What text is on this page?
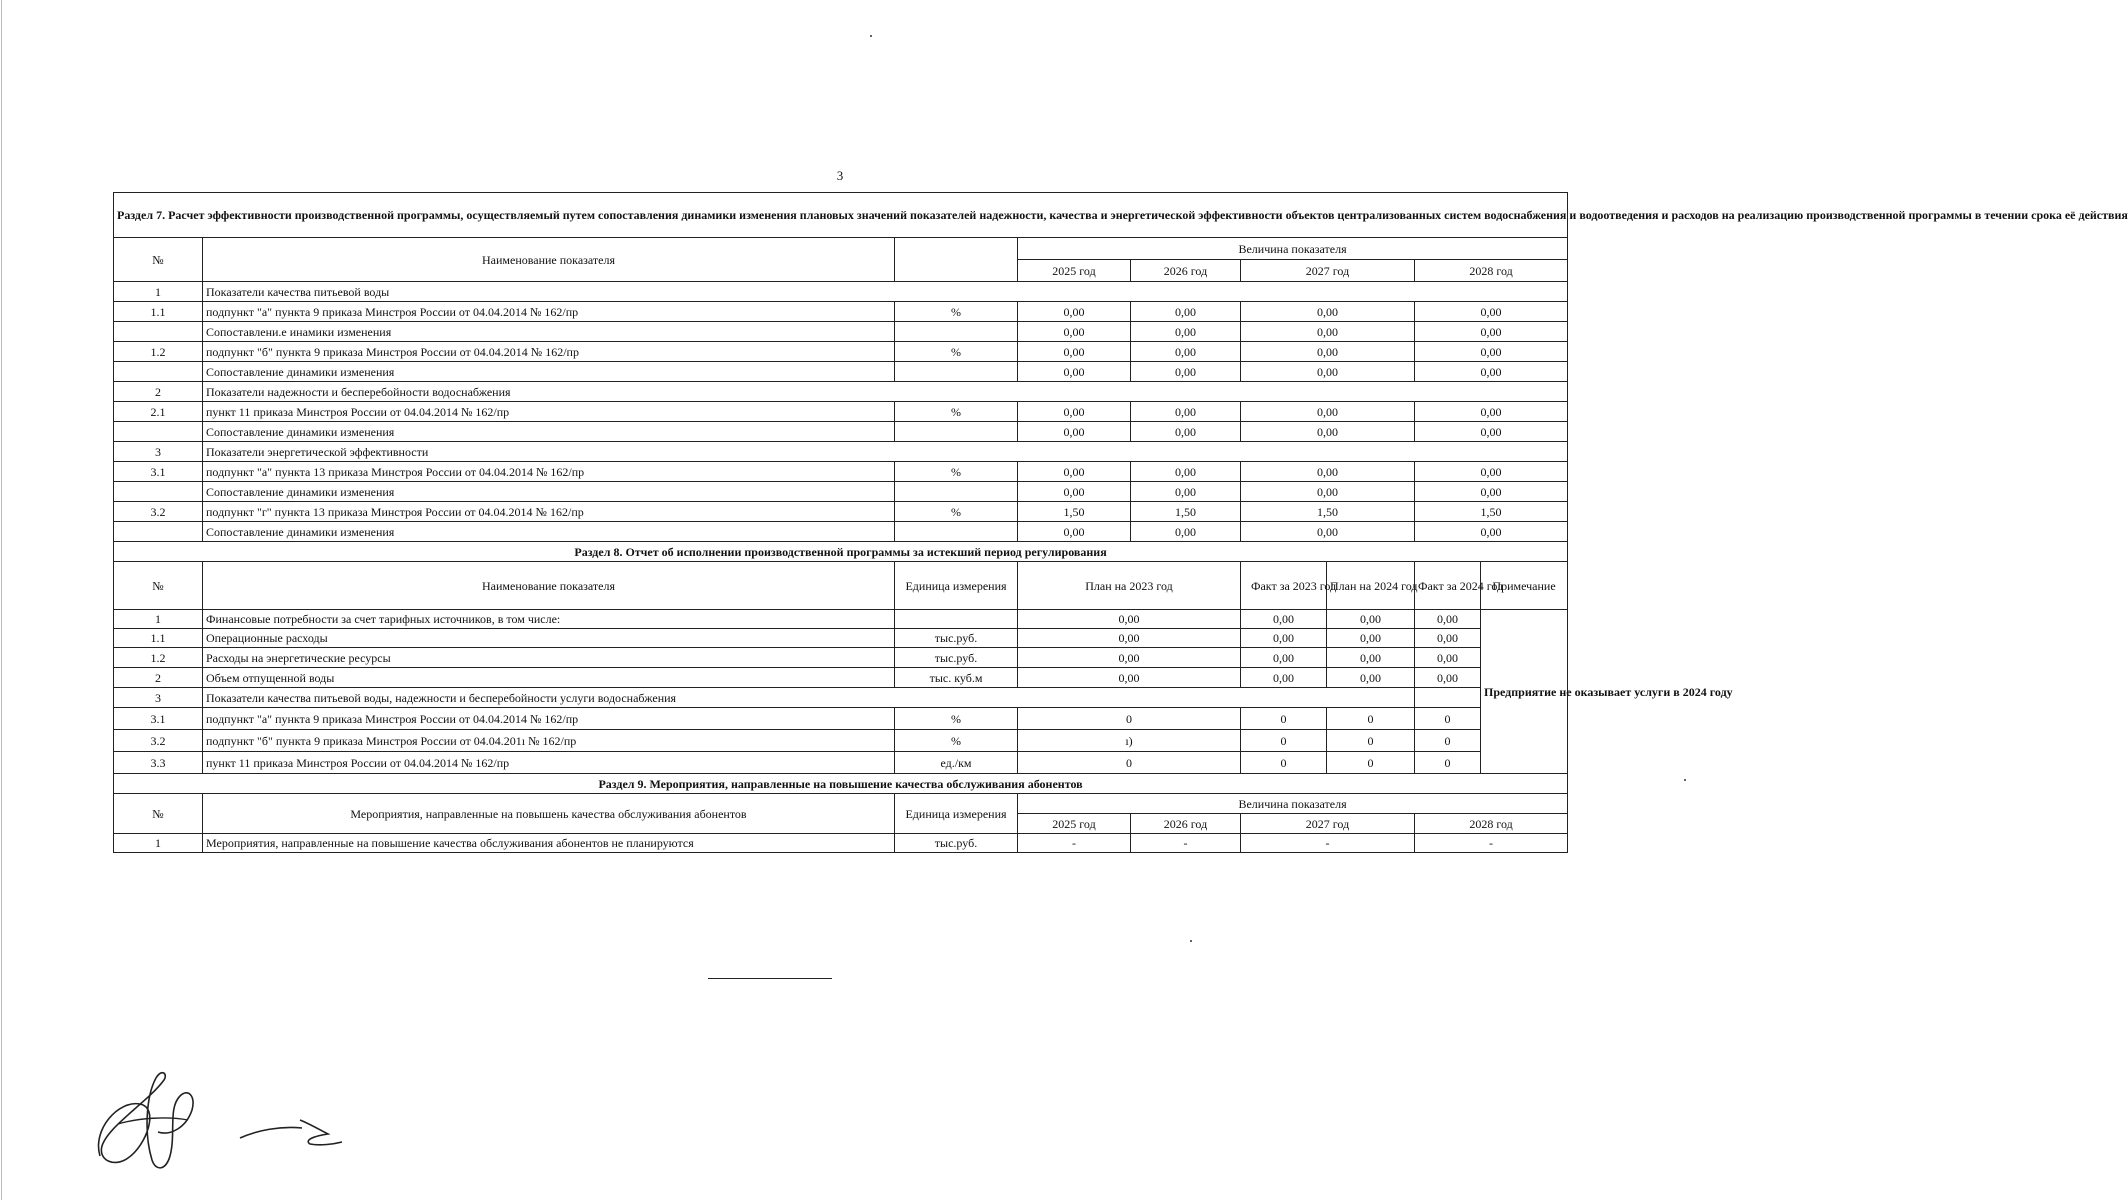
3
Раздел 7. Расчет эффективности производственной программы, осуществляемый путем сопоставления динамики изменения плановых значений показателей надежности, качества и энергетической эффективности объектов централизованных систем водоснабжения и водоотведения и расходов на реализацию производственной программы в течении срока её действия								
№	Наименование показателя		Величина показателя					
			2025 год	2026 год	2027 год		2028 год	
1	Показатели качества питьевой воды							
1.1	подпункт "а" пункта 9 приказа Минстроя России от 04.04.2014 № 162/пр	%	0,00	0,00	0,00		0,00	
	Сопоставлени.е инамики изменения		0,00	0,00	0,00		0,00	
1.2	подпункт "б" пункта 9 приказа Минстроя России от 04.04.2014 № 162/пр	%	0,00	0,00	0,00		0,00	
	Сопоставление динамики изменения		0,00	0,00	0,00		0,00	
2	Показатели надежности и бесперебойности водоснабжения							
2.1	пункт 11 приказа Минстроя России от 04.04.2014 № 162/пр	%	0,00	0,00	0,00		0,00	
	Сопоставление динамики изменения		0,00	0,00	0,00		0,00	
3	Показатели энергетической эффективности							
3.1	подпункт "а" пункта 13 приказа Минстроя России от 04.04.2014 № 162/пр	%	0,00	0,00	0,00		0,00	
	Сопоставление динамики изменения		0,00	0,00	0,00		0,00	
3.2	подпункт "г" пункта 13 приказа Минстроя России от 04.04.2014 № 162/пр	%	1,50	1,50	1,50		1,50	
	Сопоставление динамики изменения		0,00	0,00	0,00		0,00	
Раздел 8. Отчет об исполнении производственной программы за истекший период регулирования								
№	Наименование показателя	Единица измерения	План на 2023 год		Факт за 2023 год	План на 2024 год	Факт за 2024 год	Примечание
1	Финансовые потребности за счет тарифных источников, в том числе:		0,00		0,00	0,00	0,00	Предприятие не оказывает услуги в 2024 году
1.1	Операционные расходы	тыс.руб.	0,00		0,00	0,00	0,00	
1.2	Расходы на энергетические ресурсы	тыс.руб.	0,00		0,00	0,00	0,00	
2	Объем отпущенной воды	тыс. куб.м	0,00		0,00	0,00	0,00	
3	Показатели качества питьевой воды, надежности и бесперебойности услуги водоснабжения							
3.1	подпункт "а" пункта 9 приказа Минстроя России от 04.04.2014 № 162/пр	%	0		0	0	0	
3.2	подпункт "б" пункта 9 приказа Минстроя России от 04.04.201ı № 162/пр	%	ı)		0	0	0	
3.3	пункт 11 приказа Минстроя России от 04.04.2014 № 162/пр	ед./км	0		0	0	0	
Раздел 9. Мероприятия, направленные на повышение качества обслуживания абонентов								
№	Мероприятия, направленные на повышень качества обслуживания абонентов	Единица измерения	Величина показателя					
			2025 год	2026 год	2027 год		2028 год	
1	Мероприятия, направленные на повышение качества обслуживания абонентов не планируются	тыс.руб.	-	-	-		-	
